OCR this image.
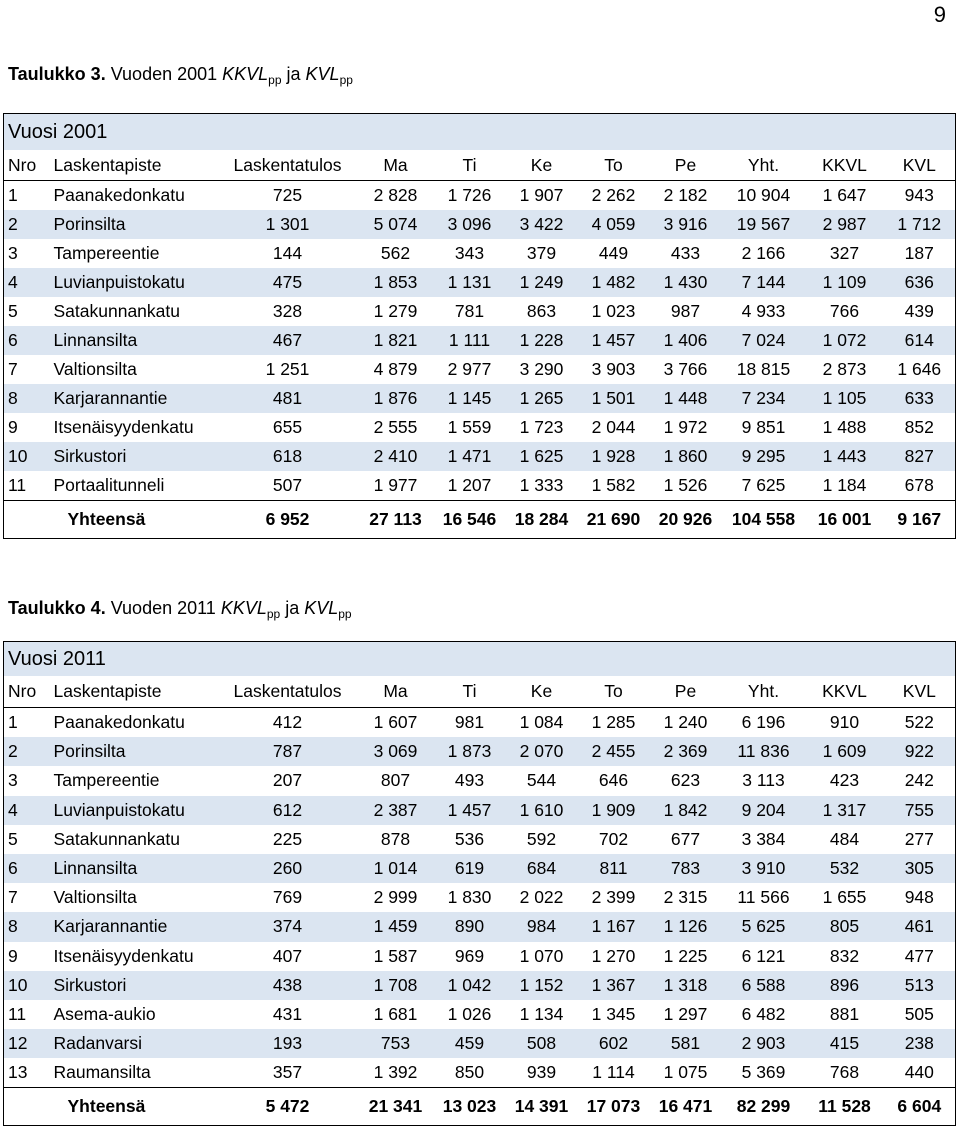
9
Taulukko 3. Vuoden 2001 $KKVL_{pp}$ ja $KVL_{pp}$
Vuosi 2001										
Nro	Laskentapiste	Laskentatulos	Ma	Ti	Ke	To	Pe	Yht.	KKVL	KVL
1	Paanakedonkatu	725	2 828	1 726	1 907	2 262	2 182	10 904	1 647	943
2	Porinsilta	1 301	5 074	3 096	3 422	4 059	3 916	19 567	2 987	1 712
3	Tampereentie	144	562	343	379	449	433	2 166	327	187
4	Luvianpuistokatu	475	1 853	1 131	1 249	1 482	1 430	7 144	1 109	636
5	Satakunnankatu	328	1 279	781	863	1 023	987	4 933	766	439
6	Linnansilta	467	1 821	1 111	1 228	1 457	1 406	7 024	1 072	614
7	Valtionsilta	1 251	4 879	2 977	3 290	3 903	3 766	18 815	2 873	1 646
8	Karjarannantie	481	1 876	1 145	1 265	1 501	1 448	7 234	1 105	633
9	Itsenäisyydenkatu	655	2 555	1 559	1 723	2 044	1 972	9 851	1 488	852
10	Sirkustori	618	2 410	1 471	1 625	1 928	1 860	9 295	1 443	827
11	Portaalitunneli	507	1 977	1 207	1 333	1 582	1 526	7 625	1 184	678
	Yhteensä	6 952	27 113	16 546	18 284	21 690	20 926	104 558	16 001	9 167
Taulukko 4. Vuoden 2011 $KKVL_{pp}$ ja $KVL_{pp}$
Vuosi 2011										
Nro	Laskentapiste	Laskentatulos	Ma	Ti	Ke	To	Pe	Yht.	KKVL	KVL
1	Paanakedonkatu	412	1 607	981	1 084	1 285	1 240	6 196	910	522
2	Porinsilta	787	3 069	1 873	2 070	2 455	2 369	11 836	1 609	922
3	Tampereentie	207	807	493	544	646	623	3 113	423	242
4	Luvianpuistokatu	612	2 387	1 457	1 610	1 909	1 842	9 204	1 317	755
5	Satakunnankatu	225	878	536	592	702	677	3 384	484	277
6	Linnansilta	260	1 014	619	684	811	783	3 910	532	305
7	Valtionsilta	769	2 999	1 830	2 022	2 399	2 315	11 566	1 655	948
8	Karjarannantie	374	1 459	890	984	1 167	1 126	5 625	805	461
9	Itsenäisyydenkatu	407	1 587	969	1 070	1 270	1 225	6 121	832	477
10	Sirkustori	438	1 708	1 042	1 152	1 367	1 318	6 588	896	513
11	Asema-aukio	431	1 681	1 026	1 134	1 345	1 297	6 482	881	505
12	Radanvarsi	193	753	459	508	602	581	2 903	415	238
13	Raumansilta	357	1 392	850	939	1 114	1 075	5 369	768	440
	Yhteensä	5 472	21 341	13 023	14 391	17 073	16 471	82 299	11 528	6 604
